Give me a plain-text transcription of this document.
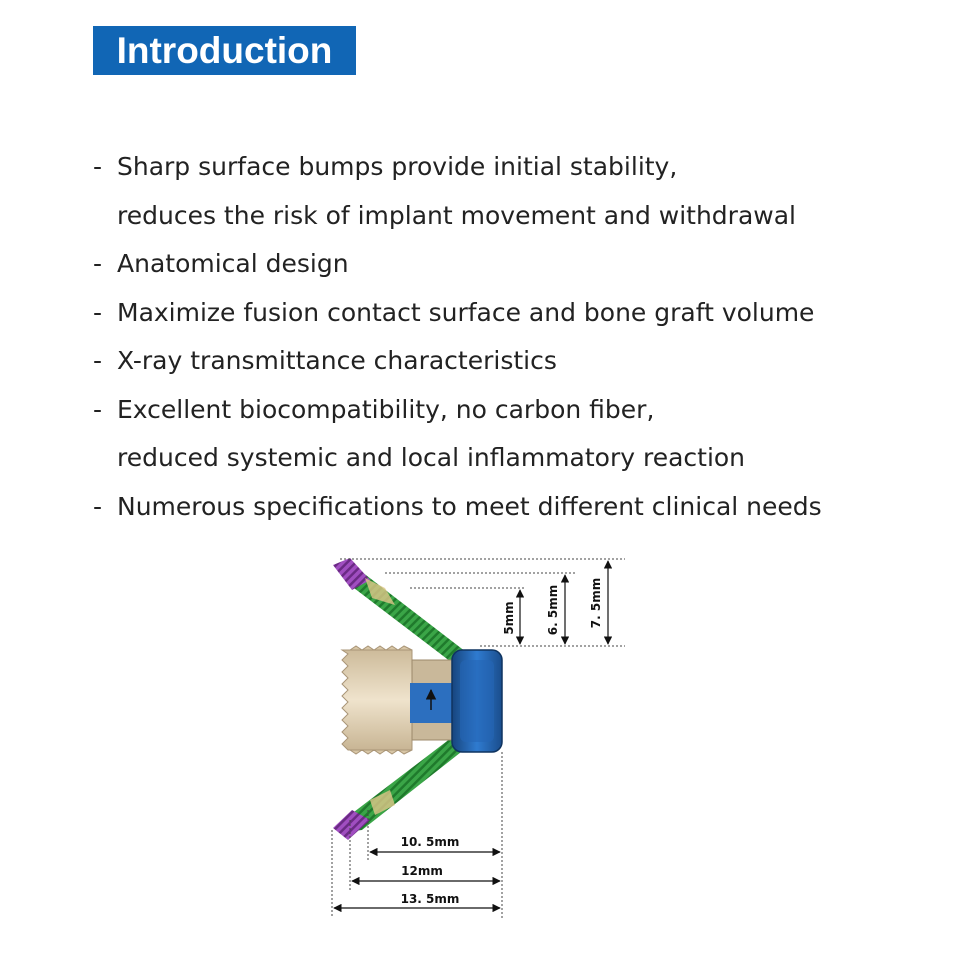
Introduction
- Sharp surface bumps provide initial stability,
reduces the risk of implant movement and withdrawal
- Anatomical design
- Maximize fusion contact surface and bone graft volume
- X-ray transmittance characteristics
- Excellent biocompatibility, no carbon fiber,
reduced systemic and local inflammatory reaction
- Numerous specifications to meet different clinical needs
5mm	6. 5mm 7. 5mm
10. 5mm
12mm
13. 5mm
